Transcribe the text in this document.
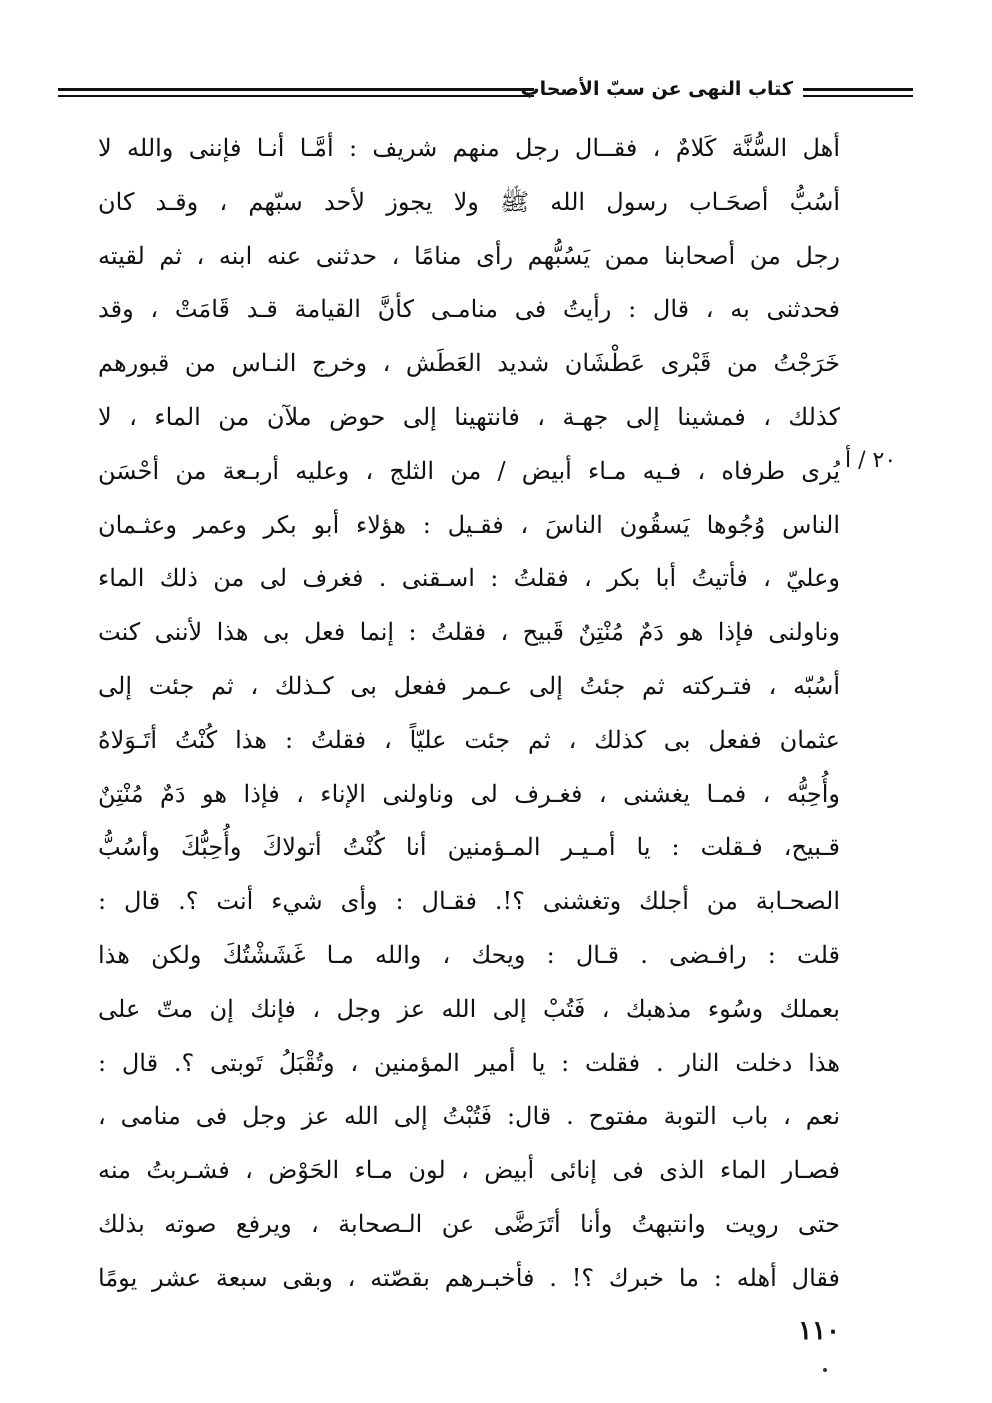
كتاب النهى عن سبّ الأصحاب
٢٠ / أ
أهل السُّنَّة كَلامٌ ، فقــال رجل منهم شريف : أمَّـا أنـا فإننى والله لا
أسُبُّ أصحَـاب رسول الله ﷺ ولا يجوز لأحد سبّهم ، وقـد كان
رجل من أصحابنا ممن يَسُبُّهم رأى منامًا ، حدثنى عنه ابنه ، ثم لقيته
فحدثنى به ، قال : رأيتُ فى منامـى كأنَّ القيامة قـد قَامَتْ ، وقد
خَرَجْتُ من قَبْرى عَطْشَان شديد العَطَش ، وخرج النـاس من قبورهم
كذلك ، فمشينا إلى جهـة ، فانتهينا إلى حوض ملآن من الماء ، لا
يُرى طرفاه ، فـيه مـاء أبيض / من الثلج ، وعليه أربـعة من أحْسَن
الناس وُجُوها يَسقُون الناسَ ، فقـيل : هؤلاء أبو بكر وعمر وعثـمان
وعليّ ، فأتيتُ أبا بكر ، فقلتُ : اسـقنى . فغرف لى من ذلك الماء
وناولنى فإذا هو دَمٌ مُنْتِنٌ قَبيح ، فقلتُ : إنما فعل بى هذا لأننى كنت
أسُبّه ، فتـركته ثم جئتُ إلى عـمر ففعل بى كـذلك ، ثم جئت إلى
عثمان ففعل بى كذلك ، ثم جئت عليّاً ، فقلتُ : هذا كُنْتُ أتَـوَلاهُ
وأُحِبُّه ، فمـا يغشنى ، فغـرف لى وناولنى الإناء ، فإذا هو دَمٌ مُنْتِنٌ
قـبيح، فـقلت : يا أمـيـر المـؤمنين أنا كُنْتُ أتولاكَ وأُحِبُّكَ وأسُبُّ
الصحـابة من أجلك وتغشنى ؟!. فقـال : وأى شيء أنت ؟. قال :
قلت : رافـضى . قـال : ويحك ، والله مـا غَشَشْتُكَ ولكن هذا
بعملك وسُوء مذهبك ، فَتُبْ إلى الله عز وجل ، فإنك إن متّ على
هذا دخلت النار . فقلت : يا أمير المؤمنين ، وتُقْبَلُ تَوبتى ؟. قال :
نعم ، باب التوبة مفتوح . قال: فَتُبْتُ إلى الله عز وجل فى منامى ،
فصـار الماء الذى فى إنائى أبيض ، لون مـاء الحَوْض ، فشـربتُ منه
حتى رويت وانتبهتُ وأنا أتَرَضَّى عن الـصحابة ، ويرفع صوته بذلك
فقال أهله : ما خبرك ؟! . فأخبـرهم بقصّته ، وبقى سبعة عشر يومًا
١١٠
